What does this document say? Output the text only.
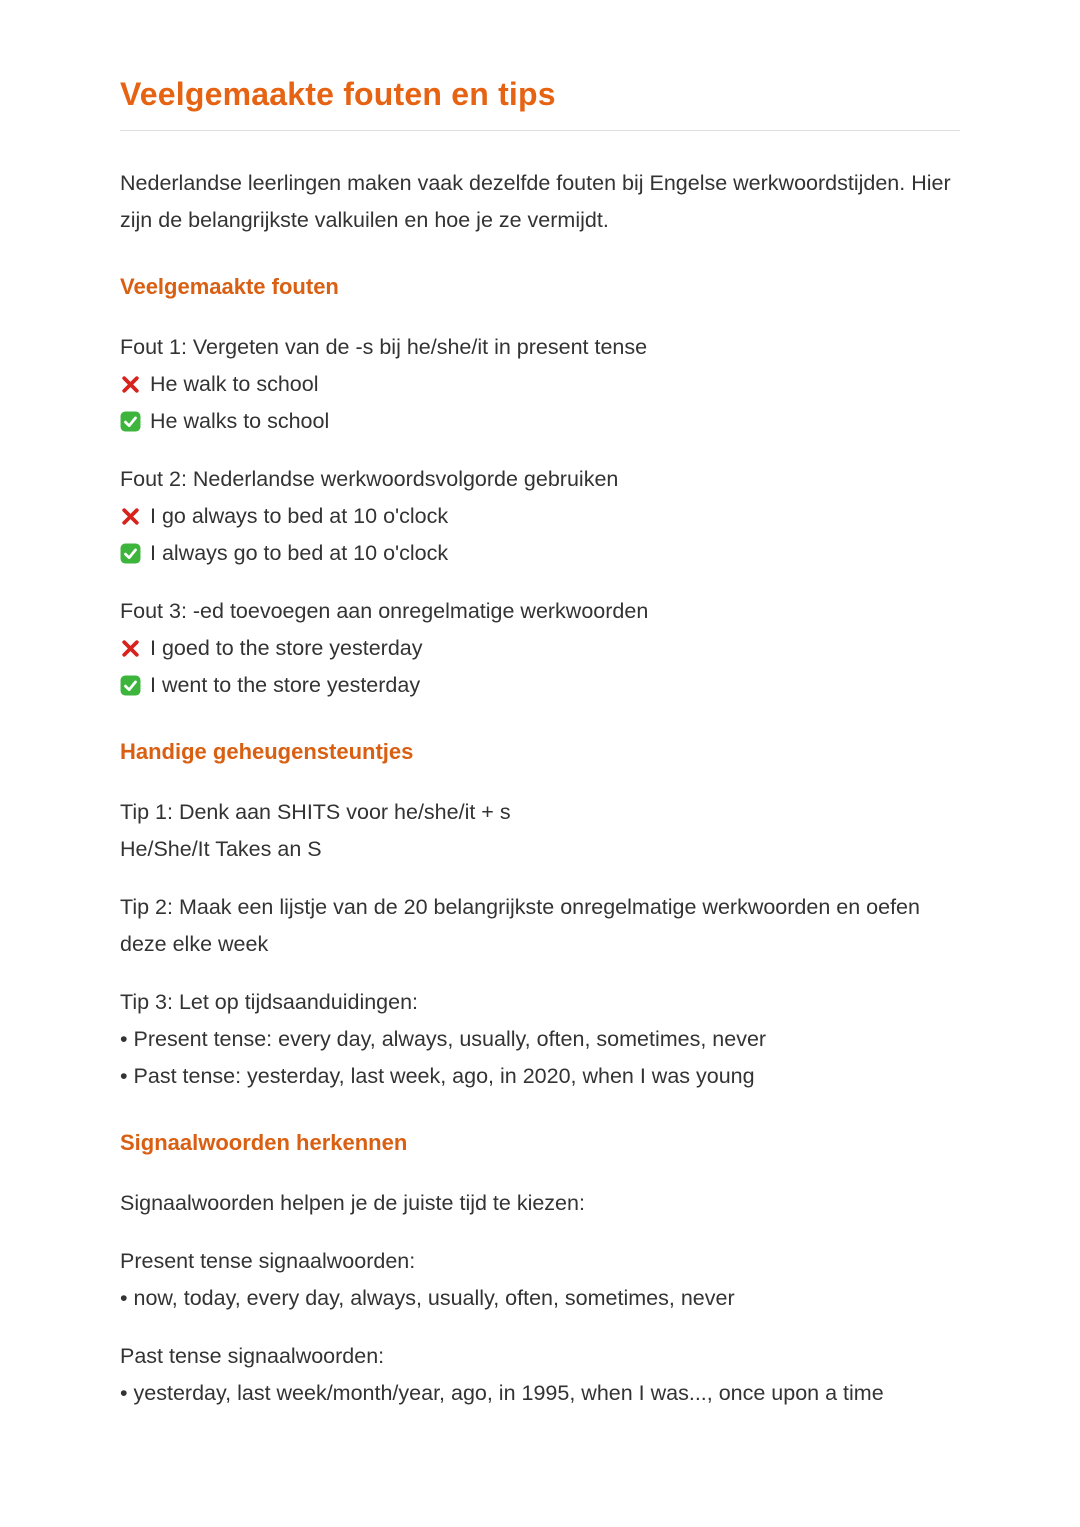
Veelgemaakte fouten en tips

Nederlandse leerlingen maken vaak dezelfde fouten bij Engelse werkwoordstijden. Hier zijn de belangrijkste valkuilen en hoe je ze vermijdt.

Veelgemaakte fouten

Fout 1: Vergeten van de -s bij he/she/it in present tense

He walk to school
He walks to school

Fout 2: Nederlandse werkwoordsvolgorde gebruiken

I go always to bed at 10 o'clock
I always go to bed at 10 o'clock

Fout 3: -ed toevoegen aan onregelmatige werkwoorden

I goed to the store yesterday
I went to the store yesterday
Handige geheugensteuntjes

Tip 1: Denk aan SHITS voor he/she/it + s

He/She/It Takes an S

Tip 2: Maak een lijstje van de 20 belangrijkste onregelmatige werkwoorden en oefen deze elke week

Tip 3: Let op tijdsaanduidingen:

• Present tense: every day, always, usually, often, sometimes, never
• Past tense: yesterday, last week, ago, in 2020, when I was young
Signaalwoorden herkennen

Signaalwoorden helpen je de juiste tijd te kiezen:

Present tense signaalwoorden:

• now, today, every day, always, usually, often, sometimes, never

Past tense signaalwoorden:

• yesterday, last week/month/year, ago, in 1995, when I was..., once upon a time
